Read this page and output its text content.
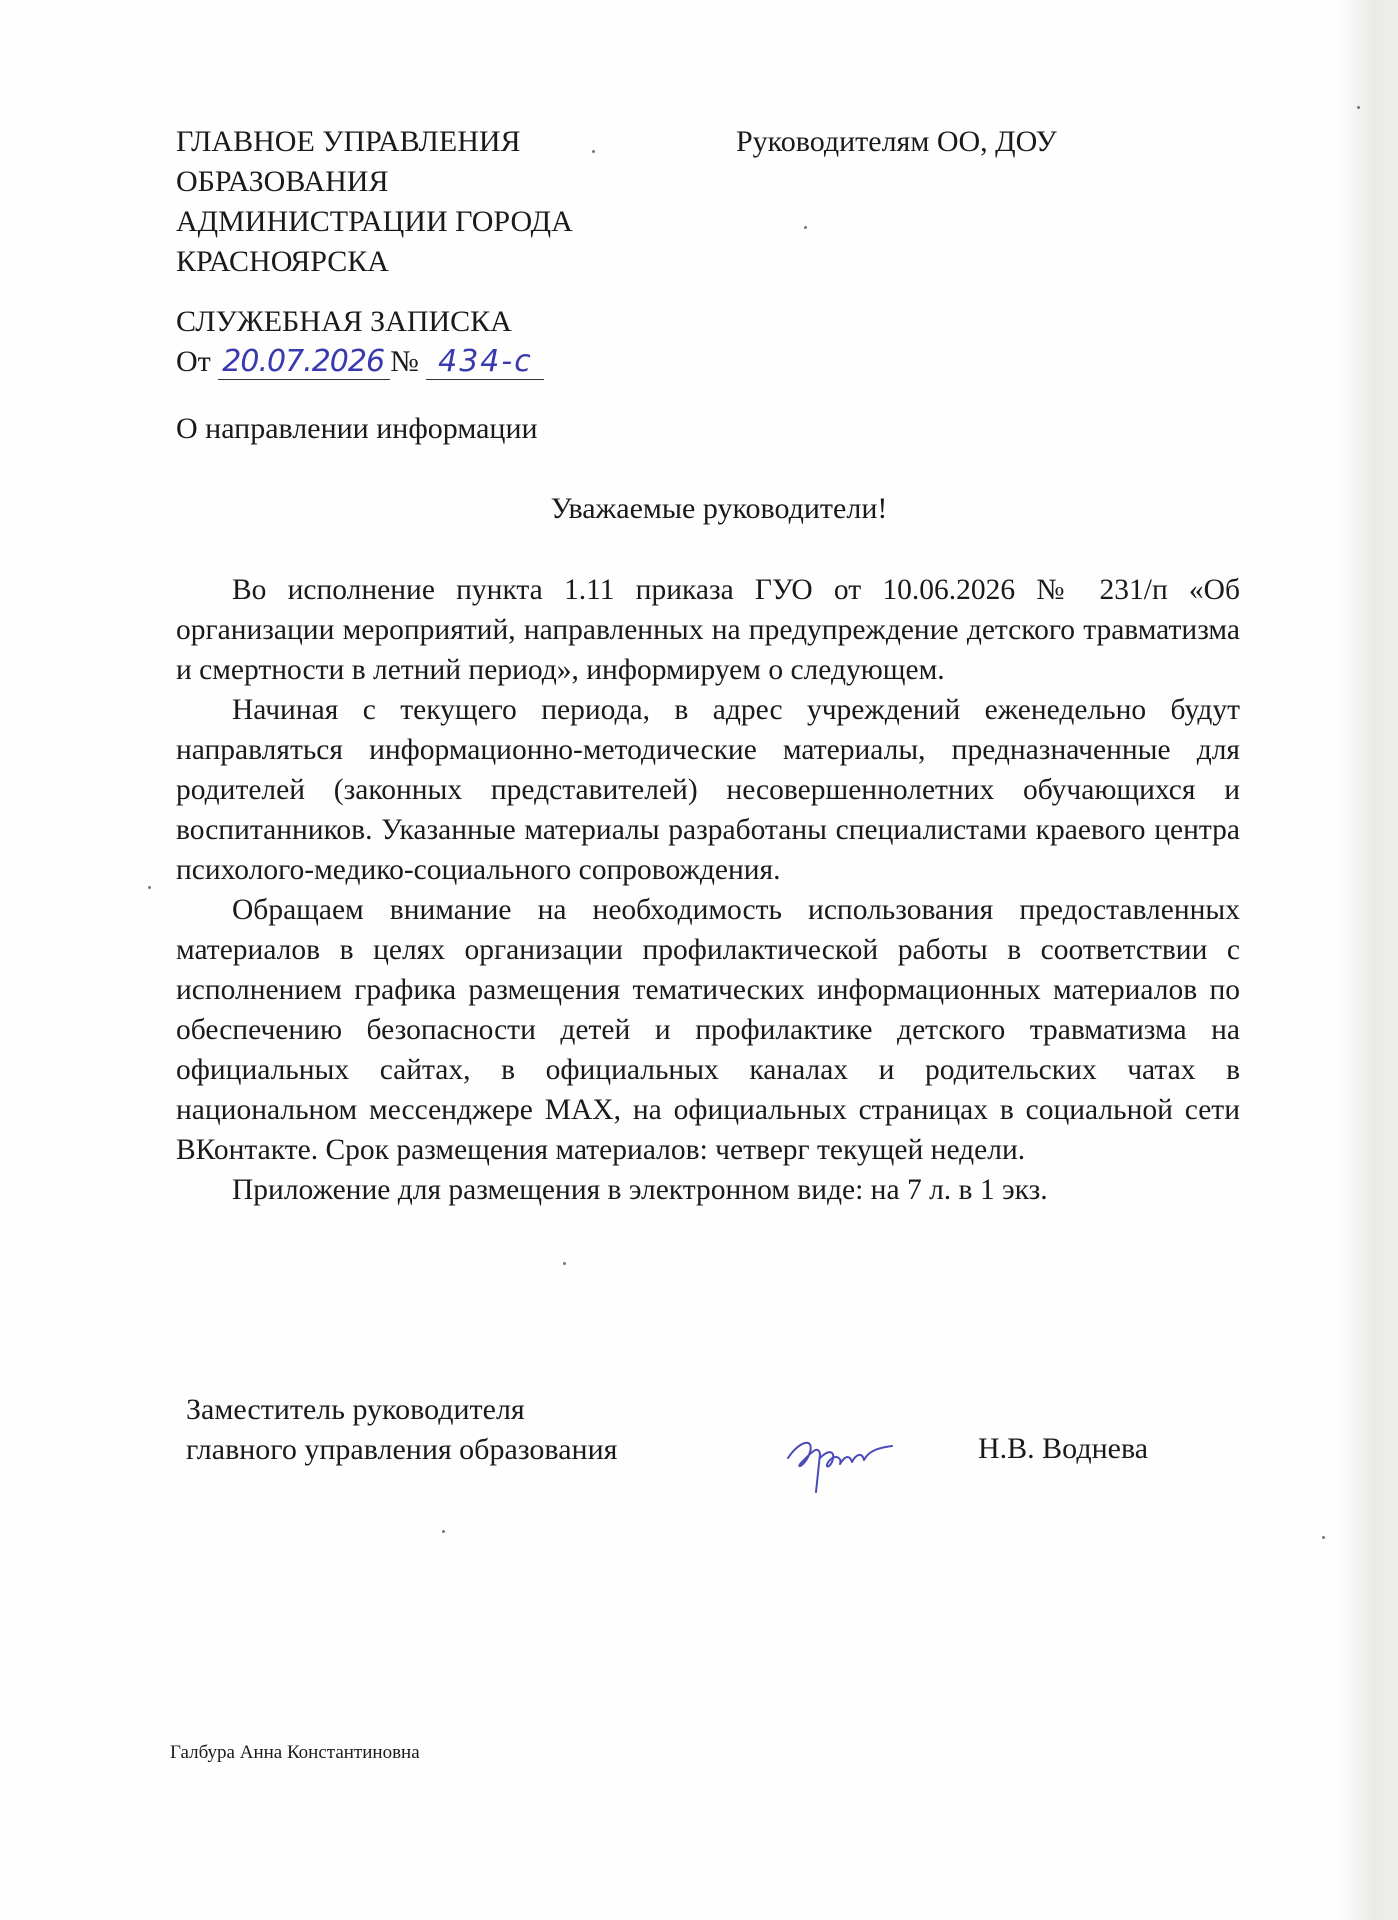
ГЛАВНОЕ УПРАВЛЕНИЯ
ОБРАЗОВАНИЯ
АДМИНИСТРАЦИИ ГОРОДА
КРАСНОЯРСКА
Руководителям ОО, ДОУ
СЛУЖЕБНАЯ ЗАПИСКА
От 20.07.2026 № 434-с
О направлении информации
Уважаемые руководители!

Во исполнение пункта 1.11 приказа ГУО от 10.06.2026 № 231/п «Об организации мероприятий, направленных на предупреждение детского травматизма и смертности в летний период», информируем о следующем.

Начиная с текущего периода, в адрес учреждений еженедельно будут направляться информационно-методические материалы, предназначенные для родителей (законных представителей) несовершеннолетних обучающихся и воспитанников. Указанные материалы разработаны специалистами краевого центра психолого-медико-социального сопровождения.

Обращаем внимание на необходимость использования предоставленных материалов в целях организации профилактической работы в соответствии с исполнением графика размещения тематических информационных материалов по обеспечению безопасности детей и профилактике детского травматизма на официальных сайтах, в официальных каналах и родительских чатах в национальном мессенджере MAX, на официальных страницах в социальной сети ВКонтакте. Срок размещения материалов: четверг текущей недели.

Приложение для размещения в электронном виде: на 7 л. в 1 экз.

Заместитель руководителя
главного управления образования	Н.В. Воднева
Галбура Анна Константиновна
